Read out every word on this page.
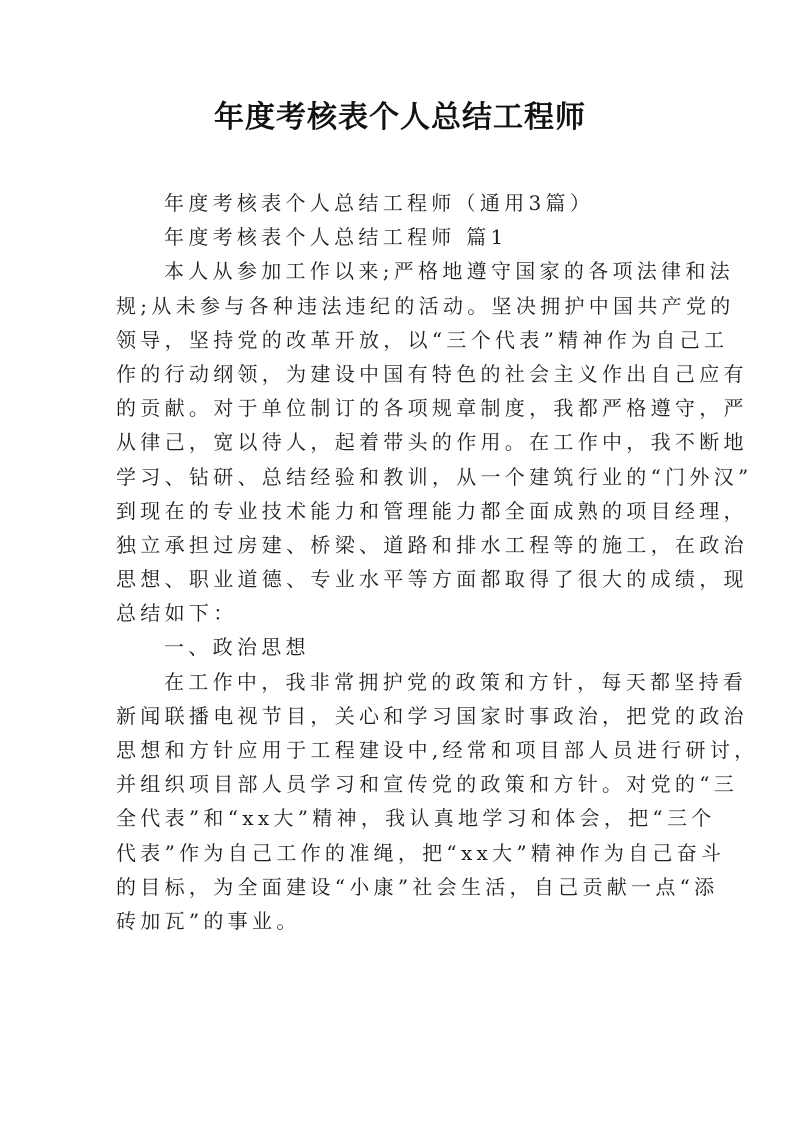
年度考核表个人总结工程师
年度考核表个人总结工程师（通用3篇）
年度考核表个人总结工程师 篇1
本人从参加工作以来;严格地遵守国家的各项法律和法
规;从未参与各种违法违纪的活动。坚决拥护中国共产党的
领导，坚持党的改革开放，以“三个代表”精神作为自己工
作的行动纲领，为建设中国有特色的社会主义作出自己应有
的贡献。对于单位制订的各项规章制度，我都严格遵守，严
从律己，宽以待人，起着带头的作用。在工作中，我不断地
学习、钻研、总结经验和教训，从一个建筑行业的“门外汉”
到现在的专业技术能力和管理能力都全面成熟的项目经理，
独立承担过房建、桥梁、道路和排水工程等的施工，在政治
思想、职业道德、专业水平等方面都取得了很大的成绩，现
总结如下：
一、政治思想
在工作中，我非常拥护党的政策和方针，每天都坚持看
新闻联播电视节目，关心和学习国家时事政治，把党的政治
思想和方针应用于工程建设中,经常和项目部人员进行研讨，
并组织项目部人员学习和宣传党的政策和方针。对党的“三
全代表”和“xx大”精神，我认真地学习和体会，把“三个
代表”作为自己工作的准绳，把“xx大”精神作为自己奋斗
的目标，为全面建设“小康”社会生活，自己贡献一点“添
砖加瓦”的事业。
